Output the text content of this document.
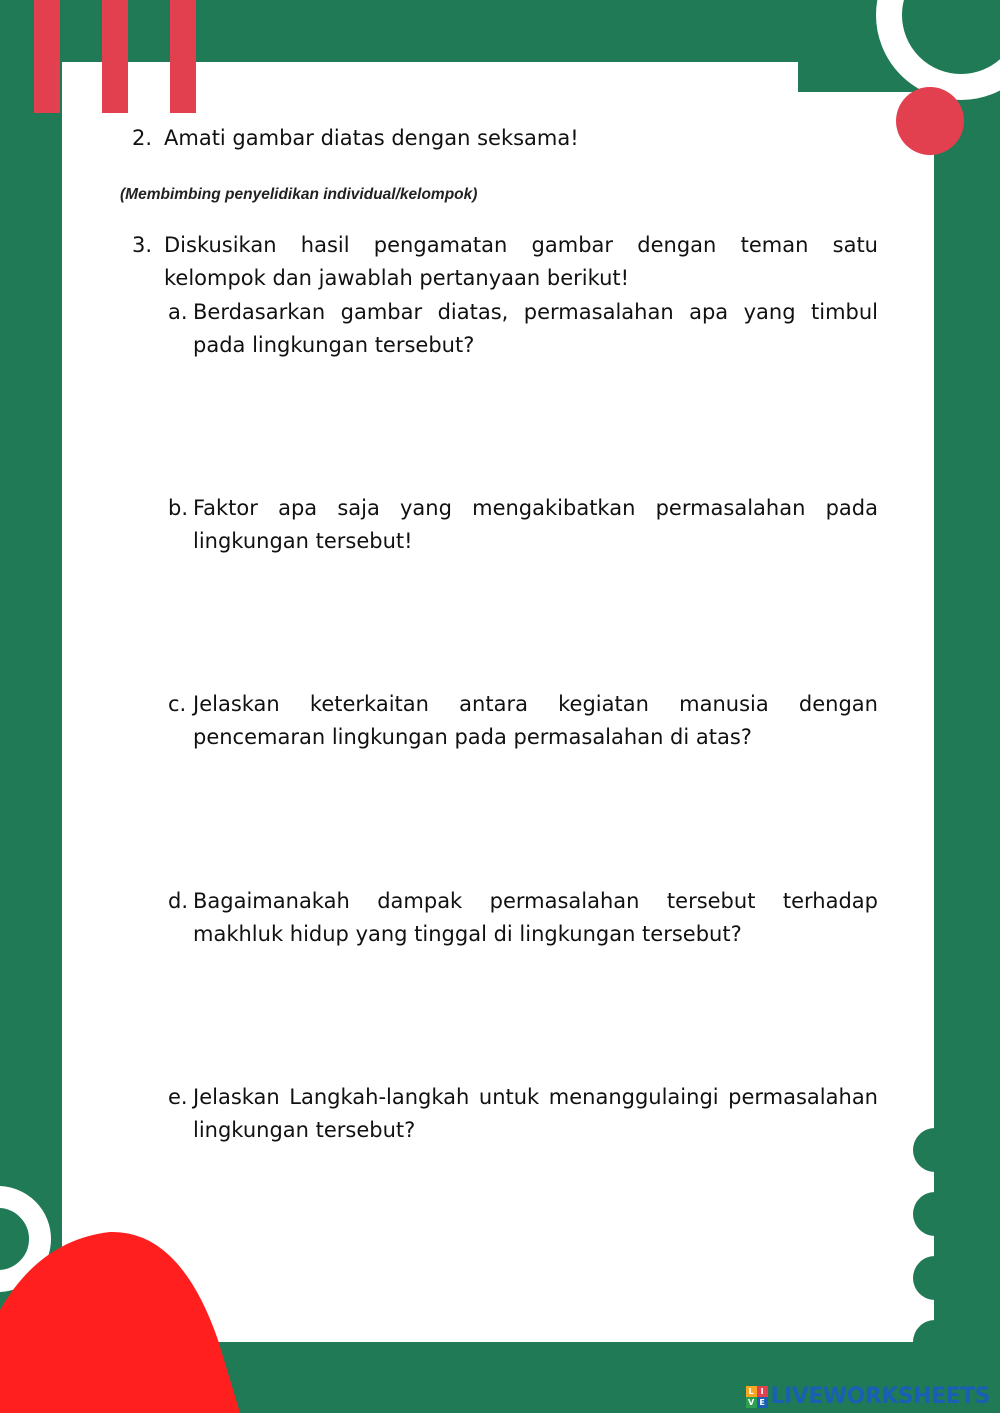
2. Amati gambar diatas dengan seksama!
(Membimbing penyelidikan individual/kelompok)
3. Diskusikan hasil pengamatan gambar dengan teman satu kelompok dan jawablah pertanyaan berikut!
a. Berdasarkan gambar diatas, permasalahan apa yang timbul pada lingkungan tersebut?
b. Faktor apa saja yang mengakibatkan permasalahan pada lingkungan tersebut!
c. Jelaskan keterkaitan antara kegiatan manusia dengan pencemaran lingkungan pada permasalahan di atas?
d. Bagaimanakah dampak permasalahan tersebut terhadap makhluk hidup yang tinggal di lingkungan tersebut?
e. Jelaskan Langkah-langkah untuk menanggulaingi permasalahan lingkungan tersebut?
L I
V E LIVEWORKSHEETS
